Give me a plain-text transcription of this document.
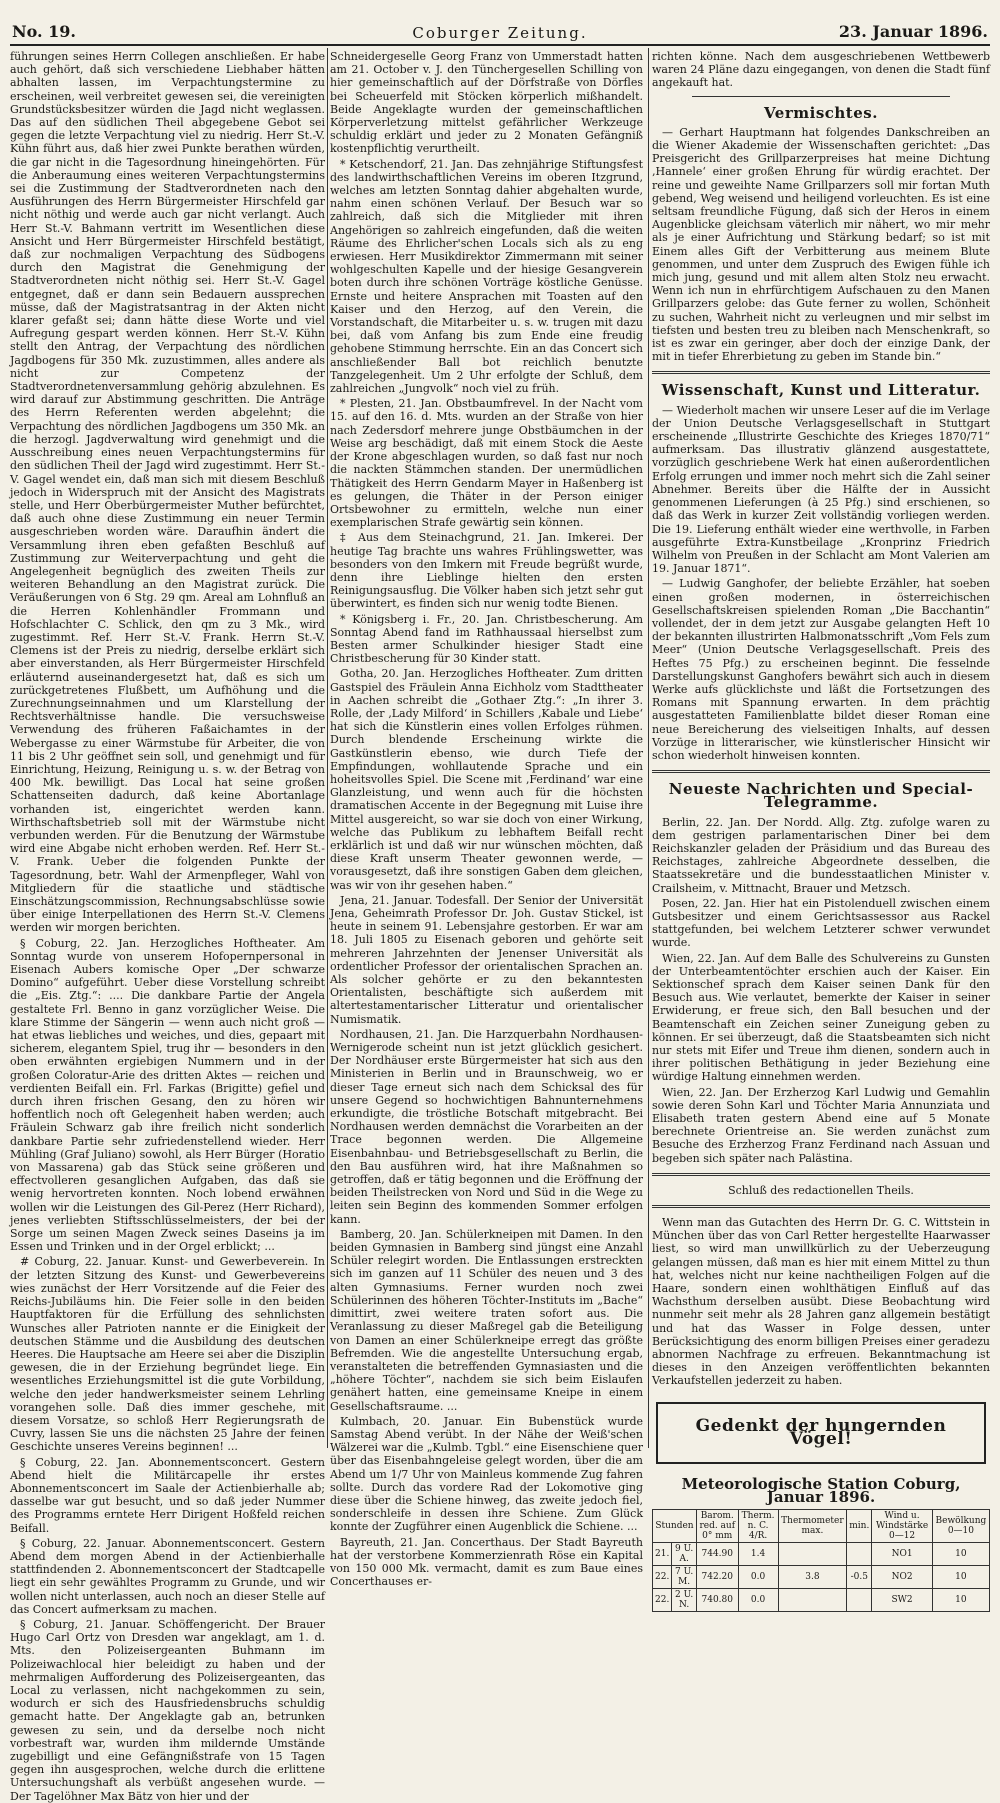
No. 19.	Coburger Zeitung.	23. Januar 1896.

führungen seines Herrn Collegen anschließen. Er habe auch gehört, daß sich verschiedene Liebhaber hätten abhalten lassen, im Verpachtungstermine zu erscheinen, weil verbreitet gewesen sei, die vereinigten Grundstücksbesitzer würden die Jagd nicht weglassen. Das auf den südlichen Theil abgegebene Gebot sei gegen die letzte Verpachtung viel zu niedrig. Herr St.-V. Kühn führt aus, daß hier zwei Punkte berathen würden, die gar nicht in die Tagesordnung hineingehörten. Für die Anberaumung eines weiteren Verpachtungstermins sei die Zustimmung der Stadtverordneten nach den Ausführungen des Herrn Bürgermeister Hirschfeld gar nicht nöthig und werde auch gar nicht verlangt. Auch Herr St.-V. Bahmann vertritt im Wesentlichen diese Ansicht und Herr Bürgermeister Hirschfeld bestätigt, daß zur nochmaligen Verpachtung des Südbogens durch den Magistrat die Genehmigung der Stadtverordneten nicht nöthig sei. Herr St.-V. Gagel entgegnet, daß er dann sein Bedauern aussprechen müsse, daß der Magistratsantrag in der Akten nicht klarer gefaßt sei; dann hätte diese Worte und viel Aufregung gespart werden können. Herr St.-V. Kühn stellt den Antrag, der Verpachtung des nördlichen Jagdbogens für 350 Mk. zuzustimmen, alles andere als nicht zur Competenz der Stadtverordnetenversammlung gehörig abzulehnen. Es wird darauf zur Abstimmung geschritten. Die Anträge des Herrn Referenten werden abgelehnt; die Verpachtung des nördlichen Jagdbogens um 350 Mk. an die herzogl. Jagdverwaltung wird genehmigt und die Ausschreibung eines neuen Verpachtungstermins für den südlichen Theil der Jagd wird zugestimmt. Herr St.-V. Gagel wendet ein, daß man sich mit diesem Beschluß jedoch in Widerspruch mit der Ansicht des Magistrats stelle, und Herr Oberbürgermeister Muther befürchtet, daß auch ohne diese Zustimmung ein neuer Termin ausgeschrieben worden wäre. Daraufhin ändert die Versammlung ihren eben gefaßten Beschluß auf Zustimmung zur Weiterverpachtung und geht die Angelegenheit begnüglich des zweiten Theils zur weiteren Behandlung an den Magistrat zurück. Die Veräußerungen von 6 Stg. 29 qm. Areal am Lohnfluß an die Herren Kohlenhändler Frommann und Hofschlachter C. Schlick, den qm zu 3 Mk., wird zugestimmt. Ref. Herr St.-V. Frank. Herrn St.-V. Clemens ist der Preis zu niedrig, derselbe erklärt sich aber einverstanden, als Herr Bürgermeister Hirschfeld erläuternd auseinandergesetzt hat, daß es sich um zurückgetretenes Flußbett, um Aufhöhung und die Zurechnungseinnahmen und um Klarstellung der Rechtsverhältnisse handle. Die versuchsweise Verwendung des früheren Faßaichamtes in der Webergasse zu einer Wärmstube für Arbeiter, die von 11 bis 2 Uhr geöffnet sein soll, und genehmigt und für Einrichtung, Heizung, Reinigung u. s. w. der Betrag von 400 Mk. bewilligt. Das Local hat seine großen Schattenseiten dadurch, daß keine Abortanlage vorhanden ist, eingerichtet werden kann. Wirthschaftsbetrieb soll mit der Wärmstube nicht verbunden werden. Für die Benutzung der Wärmstube wird eine Abgabe nicht erhoben werden. Ref. Herr St.-V. Frank. Ueber die folgenden Punkte der Tagesordnung, betr. Wahl der Armenpfleger, Wahl von Mitgliedern für die staatliche und städtische Einschätzungscommission, Rechnungsabschlüsse sowie über einige Interpellationen des Herrn St.-V. Clemens werden wir morgen berichten.

§ Coburg, 22. Jan. Herzogliches Hoftheater. Am Sonntag wurde von unserem Hofopernpersonal in Eisenach Aubers komische Oper „Der schwarze Domino“ aufgeführt. Ueber diese Vorstellung schreibt die „Eis. Ztg.“: .... Die dankbare Partie der Angela gestaltete Frl. Benno in ganz vorzüglicher Weise. Die klare Stimme der Sängerin — wenn auch nicht groß — hat etwas liebliches und weiches, und dies, gepaart mit sicherem, elegantem Spiel, trug ihr — besonders in den oben erwähnten ergiebigen Nummern und in der großen Coloratur-Arie des dritten Aktes — reichen und verdienten Beifall ein. Frl. Farkas (Brigitte) gefiel und durch ihren frischen Gesang, den zu hören wir hoffentlich noch oft Gelegenheit haben werden; auch Fräulein Schwarz gab ihre freilich nicht sonderlich dankbare Partie sehr zufriedenstellend wieder. Herr Mühling (Graf Juliano) sowohl, als Herr Bürger (Horatio von Massarena) gab das Stück seine größeren und effectvolleren gesanglichen Aufgaben, das daß sie wenig hervortreten konnten. Noch lobend erwähnen wollen wir die Leistungen des Gil-Perez (Herr Richard), jenes verliebten Stiftsschlüsselmeisters, der bei der Sorge um seinen Magen Zweck seines Daseins ja im Essen und Trinken und in der Orgel erblickt; ...

# Coburg, 22. Januar. Kunst- und Gewerbeverein. In der letzten Sitzung des Kunst- und Gewerbevereins wies zunächst der Herr Vorsitzende auf die Feier des Reichs-Jubiläums hin. Die Feier solle in den beiden Hauptfaktoren für die Erfüllung des sehnlichsten Wunsches aller Patrioten nannte er die Einigkeit der deutschen Stämme und die Ausbildung des deutschen Heeres. Die Hauptsache am Heere sei aber die Disziplin gewesen, die in der Erziehung begründet liege. Ein wesentliches Erziehungsmittel ist die gute Vorbildung, welche den jeder handwerksmeister seinem Lehrling vorangehen solle. Daß dies immer geschehe, mit diesem Vorsatze, so schloß Herr Regierungsrath de Cuvry, lassen Sie uns die nächsten 25 Jahre der feinen Geschichte unseres Vereins beginnen! ...

§ Coburg, 22. Jan. Abonnementsconcert. Gestern Abend hielt die Militärcapelle ihr erstes Abonnementsconcert im Saale der Actienbierhalle ab; dasselbe war gut besucht, und so daß jeder Nummer des Programms erntete Herr Dirigent Hoßfeld reichen Beifall.

§ Coburg, 22. Januar. Abonnementsconcert. Gestern Abend dem morgen Abend in der Actienbierhalle stattfindenden 2. Abonnementsconcert der Stadtcapelle liegt ein sehr gewähltes Programm zu Grunde, und wir wollen nicht unterlassen, auch noch an dieser Stelle auf das Concert aufmerksam zu machen.

§ Coburg, 21. Januar. Schöffengericht. Der Brauer Hugo Carl Ortz von Dresden war angeklagt, am 1. d. Mts. den Polizeisergeanten Buhmann im Polizeiwachlocal hier beleidigt zu haben und der mehrmaligen Aufforderung des Polizeisergeanten, das Local zu verlassen, nicht nachgekommen zu sein, wodurch er sich des Hausfriedensbruchs schuldig gemacht hatte. Der Angeklagte gab an, betrunken gewesen zu sein, und da derselbe noch nicht vorbestraft war, wurden ihm mildernde Umstände zugebilligt und eine Gefängnißstrafe von 15 Tagen gegen ihn ausgesprochen, welche durch die erlittene Untersuchungshaft als verbüßt angesehen wurde. — Der Tagelöhner Max Bätz von hier und der

Schneidergeselle Georg Franz von Ummerstadt hatten am 21. October v. J. den Tünchergesellen Schilling von hier gemeinschaftlich auf der Dörfstraße von Dörfles bei Scheuerfeld mit Stöcken körperlich mißhandelt. Beide Angeklagte wurden der gemeinschaftlichen Körperverletzung mittelst gefährlicher Werkzeuge schuldig erklärt und jeder zu 2 Monaten Gefängniß kostenpflichtig verurtheilt.

* Ketschendorf, 21. Jan. Das zehnjährige Stiftungsfest des landwirthschaftlichen Vereins im oberen Itzgrund, welches am letzten Sonntag dahier abgehalten wurde, nahm einen schönen Verlauf. Der Besuch war so zahlreich, daß sich die Mitglieder mit ihren Angehörigen so zahlreich eingefunden, daß die weiten Räume des Ehrlicher'schen Locals sich als zu eng erwiesen. Herr Musikdirektor Zimmermann mit seiner wohlgeschulten Kapelle und der hiesige Gesangverein boten durch ihre schönen Vorträge köstliche Genüsse. Ernste und heitere Ansprachen mit Toasten auf den Kaiser und den Herzog, auf den Verein, die Vorstandschaft, die Mitarbeiter u. s. w. trugen mit dazu bei, daß vom Anfang bis zum Ende eine freudig gehobene Stimmung herrschte. Ein an das Concert sich anschließender Ball bot reichlich benutzte Tanzgelegenheit. Um 2 Uhr erfolgte der Schluß, dem zahlreichen „Jungvolk“ noch viel zu früh.

* Plesten, 21. Jan. Obstbaumfrevel. In der Nacht vom 15. auf den 16. d. Mts. wurden an der Straße von hier nach Zedersdorf mehrere junge Obstbäumchen in der Weise arg beschädigt, daß mit einem Stock die Aeste der Krone abgeschlagen wurden, so daß fast nur noch die nackten Stämmchen standen. Der unermüdlichen Thätigkeit des Herrn Gendarm Mayer in Haßenberg ist es gelungen, die Thäter in der Person einiger Ortsbewohner zu ermitteln, welche nun einer exemplarischen Strafe gewärtig sein können.

‡ Aus dem Steinachgrund, 21. Jan. Imkerei. Der heutige Tag brachte uns wahres Frühlingswetter, was besonders von den Imkern mit Freude begrüßt wurde, denn ihre Lieblinge hielten den ersten Reinigungsausflug. Die Völker haben sich jetzt sehr gut überwintert, es finden sich nur wenig todte Bienen.

* Königsberg i. Fr., 20. Jan. Christbescherung. Am Sonntag Abend fand im Rathhaussaal hierselbst zum Besten armer Schulkinder hiesiger Stadt eine Christbescherung für 30 Kinder statt.

Gotha, 20. Jan. Herzogliches Hoftheater. Zum dritten Gastspiel des Fräulein Anna Eichholz vom Stadttheater in Aachen schreibt die „Gothaer Ztg.“: „In ihrer 3. Rolle, der ‚Lady Milford‘ in Schillers ‚Kabale und Liebe‘ hat sich die Künstlerin eines vollen Erfolges rühmen. Durch blendende Erscheinung wirkte die Gastkünstlerin ebenso, wie durch Tiefe der Empfindungen, wohllautende Sprache und ein hoheitsvolles Spiel. Die Scene mit ‚Ferdinand‘ war eine Glanzleistung, und wenn auch für die höchsten dramatischen Accente in der Begegnung mit Luise ihre Mittel ausgereicht, so war sie doch von einer Wirkung, welche das Publikum zu lebhaftem Beifall recht erklärlich ist und daß wir nur wünschen möchten, daß diese Kraft unserm Theater gewonnen werde, — vorausgesetzt, daß ihre sonstigen Gaben dem gleichen, was wir von ihr gesehen haben.“

Jena, 21. Januar. Todesfall. Der Senior der Universität Jena, Geheimrath Professor Dr. Joh. Gustav Stickel, ist heute in seinem 91. Lebensjahre gestorben. Er war am 18. Juli 1805 zu Eisenach geboren und gehörte seit mehreren Jahrzehnten der Jenenser Universität als ordentlicher Professor der orientalischen Sprachen an. Als solcher gehörte er zu den bekanntesten Orientalisten, beschäftigte sich außerdem mit altertestamentarischer Litteratur und orientalischer Numismatik.

Nordhausen, 21. Jan. Die Harzquerbahn Nordhausen-Wernigerode scheint nun ist jetzt glücklich gesichert. Der Nordhäuser erste Bürgermeister hat sich aus den Ministerien in Berlin und in Braunschweig, wo er dieser Tage erneut sich nach dem Schicksal des für unsere Gegend so hochwichtigen Bahnunternehmens erkundigte, die tröstliche Botschaft mitgebracht. Bei Nordhausen werden demnächst die Vorarbeiten an der Trace begonnen werden. Die Allgemeine Eisenbahnbau- und Betriebsgesellschaft zu Berlin, die den Bau ausführen wird, hat ihre Maßnahmen so getroffen, daß er tätig begonnen und die Eröffnung der beiden Theilstrecken von Nord und Süd in die Wege zu leiten sein Beginn des kommenden Sommer erfolgen kann.

Bamberg, 20. Jan. Schülerkneipen mit Damen. In den beiden Gymnasien in Bamberg sind jüngst eine Anzahl Schüler relegirt worden. Die Entlassungen erstreckten sich im ganzen auf 11 Schüler des neuen und 3 des alten Gymnasiums. Ferner wurden noch zwei Schülerinnen des höheren Töchter-Instituts im „Bache“ dimittirt, zwei weitere traten sofort aus. Die Veranlassung zu dieser Maßregel gab die Beteiligung von Damen an einer Schülerkneipe erregt das größte Befremden. Wie die angestellte Untersuchung ergab, veranstalteten die betreffenden Gymnasiasten und die „höhere Töchter“, nachdem sie sich beim Eislaufen genähert hatten, eine gemeinsame Kneipe in einem Gesellschaftsraume. ...

Kulmbach, 20. Januar. Ein Bubenstück wurde Samstag Abend verübt. In der Nähe der Weiß'schen Wälzerei war die „Kulmb. Tgbl.“ eine Eisenschiene quer über das Eisenbahngeleise gelegt worden, über die am Abend um 1/7 Uhr von Mainleus kommende Zug fahren sollte. Durch das vordere Rad der Lokomotive ging diese über die Schiene hinweg, das zweite jedoch fiel, sonderschleife in dessen ihre Schiene. Zum Glück konnte der Zugführer einen Augenblick die Schiene. ...

Bayreuth, 21. Jan. Concerthaus. Der Stadt Bayreuth hat der verstorbene Kommerzienrath Röse ein Kapital von 150 000 Mk. vermacht, damit es zum Baue eines Concerthauses er-

richten könne. Nach dem ausgeschriebenen Wettbewerb waren 24 Pläne dazu eingegangen, von denen die Stadt fünf angekauft hat.

Vermischtes.

— Gerhart Hauptmann hat folgendes Dankschreiben an die Wiener Akademie der Wissenschaften gerichtet: „Das Preisgericht des Grillparzerpreises hat meine Dichtung ‚Hannele‘ einer großen Ehrung für würdig erachtet. Der reine und geweihte Name Grillparzers soll mir fortan Muth gebend, Weg weisend und heiligend vorleuchten. Es ist eine seltsam freundliche Fügung, daß sich der Heros in einem Augenblicke gleichsam väterlich mir nähert, wo mir mehr als je einer Aufrichtung und Stärkung bedarf; so ist mit Einem alles Gift der Verbitterung aus meinem Blute genommen, und unter dem Zuspruch des Ewigen fühle ich mich jung, gesund und mit allem alten Stolz neu erwacht. Wenn ich nun in ehrfürchtigem Aufschauen zu den Manen Grillparzers gelobe: das Gute ferner zu wollen, Schönheit zu suchen, Wahrheit nicht zu verleugnen und mir selbst im tiefsten und besten treu zu bleiben nach Menschenkraft, so ist es zwar ein geringer, aber doch der einzige Dank, der mit in tiefer Ehrerbietung zu geben im Stande bin.“

Wissenschaft, Kunst und Litteratur.

— Wiederholt machen wir unsere Leser auf die im Verlage der Union Deutsche Verlagsgesellschaft in Stuttgart erscheinende „Illustrirte Geschichte des Krieges 1870/71“ aufmerksam. Das illustrativ glänzend ausgestattete, vorzüglich geschriebene Werk hat einen außerordentlichen Erfolg errungen und immer noch mehrt sich die Zahl seiner Abnehmer. Bereits über die Hälfte der in Aussicht genommenen Lieferungen (à 25 Pfg.) sind erschienen, so daß das Werk in kurzer Zeit vollständig vorliegen werden. Die 19. Lieferung enthält wieder eine werthvolle, in Farben ausgeführte Extra-Kunstbeilage „Kronprinz Friedrich Wilhelm von Preußen in der Schlacht am Mont Valerien am 19. Januar 1871“.

— Ludwig Ganghofer, der beliebte Erzähler, hat soeben einen großen modernen, in österreichischen Gesellschaftskreisen spielenden Roman „Die Bacchantin“ vollendet, der in dem jetzt zur Ausgabe gelangten Heft 10 der bekannten illustrirten Halbmonatsschrift „Vom Fels zum Meer“ (Union Deutsche Verlagsgesellschaft. Preis des Heftes 75 Pfg.) zu erscheinen beginnt. Die fesselnde Darstellungskunst Ganghofers bewährt sich auch in diesem Werke aufs glücklichste und läßt die Fortsetzungen des Romans mit Spannung erwarten. In dem prächtig ausgestatteten Familienblatte bildet dieser Roman eine neue Bereicherung des vielseitigen Inhalts, auf dessen Vorzüge in litterarischer, wie künstlerischer Hinsicht wir schon wiederholt hinweisen konnten.

Neueste Nachrichten und Special-Telegramme.

Berlin, 22. Jan. Der Nordd. Allg. Ztg. zufolge waren zu dem gestrigen parlamentarischen Diner bei dem Reichskanzler geladen der Präsidium und das Bureau des Reichstages, zahlreiche Abgeordnete desselben, die Staatssekretäre und die bundesstaatlichen Minister v. Crailsheim, v. Mittnacht, Brauer und Metzsch.

Posen, 22. Jan. Hier hat ein Pistolenduell zwischen einem Gutsbesitzer und einem Gerichtsassessor aus Rackel stattgefunden, bei welchem Letzterer schwer verwundet wurde.

Wien, 22. Jan. Auf dem Balle des Schulvereins zu Gunsten der Unterbeamtentöchter erschien auch der Kaiser. Ein Sektionschef sprach dem Kaiser seinen Dank für den Besuch aus. Wie verlautet, bemerkte der Kaiser in seiner Erwiderung, er freue sich, den Ball besuchen und der Beamtenschaft ein Zeichen seiner Zuneigung geben zu können. Er sei überzeugt, daß die Staatsbeamten sich nicht nur stets mit Eifer und Treue ihm dienen, sondern auch in ihrer politischen Bethätigung in jeder Beziehung eine würdige Haltung einnehmen werden.

Wien, 22. Jan. Der Erzherzog Karl Ludwig und Gemahlin sowie deren Sohn Karl und Töchter Maria Annunziata und Elisabeth traten gestern Abend eine auf 5 Monate berechnete Orientreise an. Sie werden zunächst zum Besuche des Erzherzog Franz Ferdinand nach Assuan und begeben sich später nach Palästina.

Schluß des redactionellen Theils.

Wenn man das Gutachten des Herrn Dr. G. C. Wittstein in München über das von Carl Retter hergestellte Haarwasser liest, so wird man unwillkürlich zu der Ueberzeugung gelangen müssen, daß man es hier mit einem Mittel zu thun hat, welches nicht nur keine nachtheiligen Folgen auf die Haare, sondern einen wohlthätigen Einfluß auf das Wachsthum derselben ausübt. Diese Beobachtung wird nunmehr seit mehr als 28 Jahren ganz allgemein bestätigt und hat das Wasser in Folge dessen, unter Berücksichtigung des enorm billigen Preises einer geradezu abnormen Nachfrage zu erfreuen. Bekanntmachung ist dieses in den Anzeigen veröffentlichten bekannten Verkaufstellen jederzeit zu haben.

Gedenkt der hungernden Vögel!
Meteorologische Station Coburg, Januar 1896.
Stunden		Barom. red. auf 0° mm	Therm. n. C. 4/R.	Thermometer max.	min.	Wind u. Windstärke 0—12	Bewölkung 0—10
21.	9 U. A.	744.90	1.4			NO1	10
22.	7 U. M.	742.20	0.0	3.8	-0.5	NO2	10
22.	2 U. N.	740.80	0.0			SW2	10
